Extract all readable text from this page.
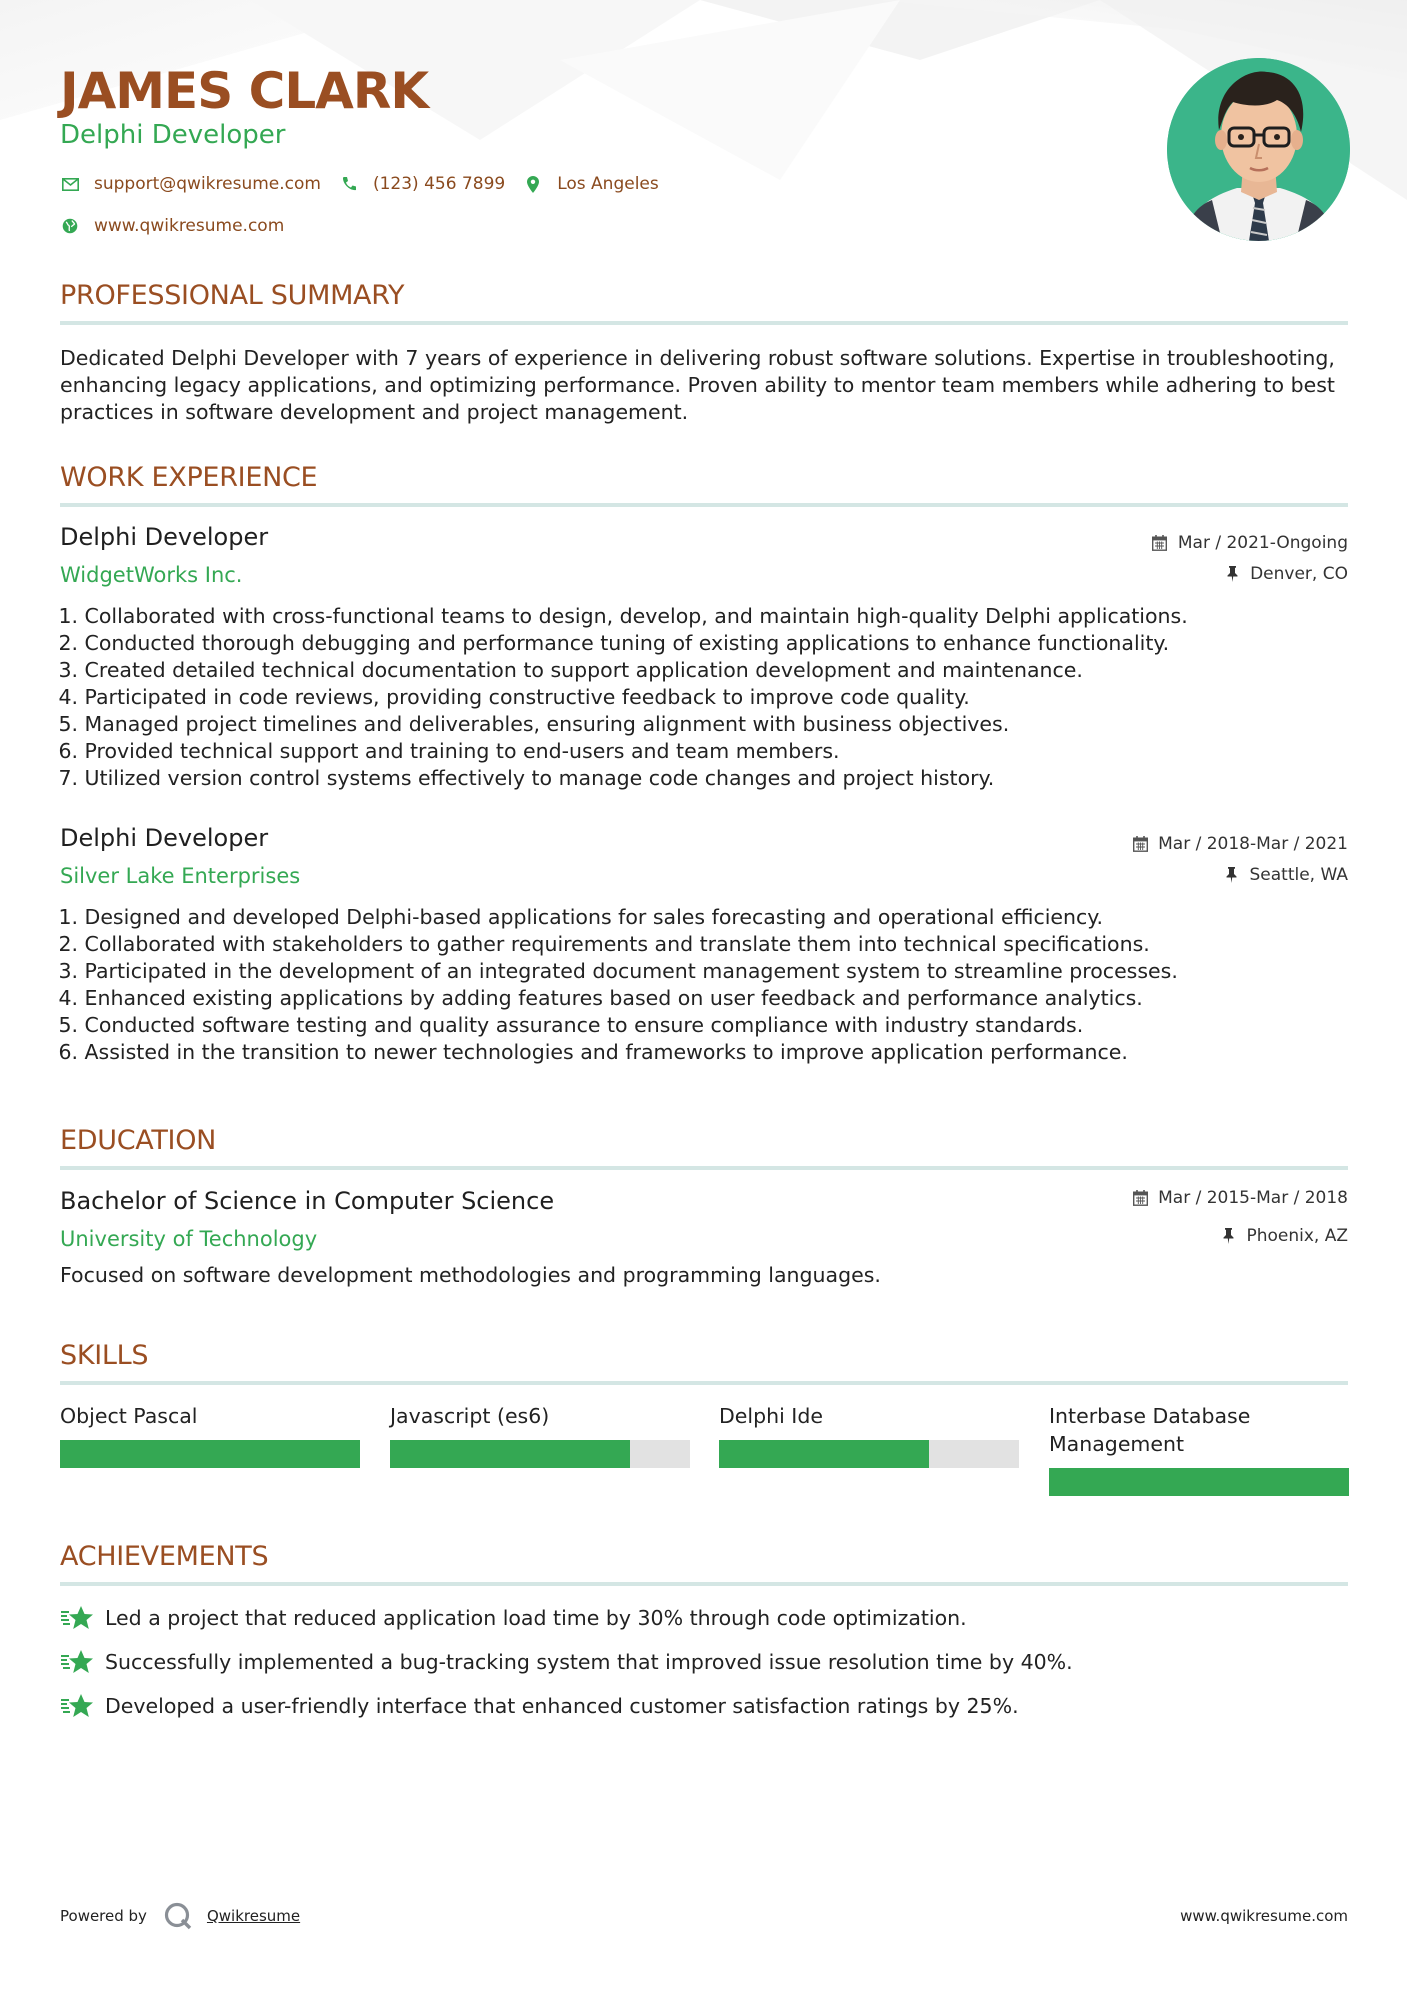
JAMES CLARK
Delphi Developer
support@qwikresume.com	(123) 456 7899	Los Angeles
www.qwikresume.com
PROFESSIONAL SUMMARY
Dedicated Delphi Developer with 7 years of experience in delivering robust software solutions. Expertise in troubleshooting, enhancing legacy applications, and optimizing performance. Proven ability to mentor team members while adhering to best practices in software development and project management.
WORK EXPERIENCE
Delphi Developer
WidgetWorks Inc.
Mar / 2021-Ongoing
Denver, CO
1. Collaborated with cross-functional teams to design, develop, and maintain high-quality Delphi applications.
2. Conducted thorough debugging and performance tuning of existing applications to enhance functionality.
3. Created detailed technical documentation to support application development and maintenance.
4. Participated in code reviews, providing constructive feedback to improve code quality.
5. Managed project timelines and deliverables, ensuring alignment with business objectives.
6. Provided technical support and training to end-users and team members.
7. Utilized version control systems effectively to manage code changes and project history.
Delphi Developer
Silver Lake Enterprises
Mar / 2018-Mar / 2021
Seattle, WA
1. Designed and developed Delphi-based applications for sales forecasting and operational efficiency.
2. Collaborated with stakeholders to gather requirements and translate them into technical specifications.
3. Participated in the development of an integrated document management system to streamline processes.
4. Enhanced existing applications by adding features based on user feedback and performance analytics.
5. Conducted software testing and quality assurance to ensure compliance with industry standards.
6. Assisted in the transition to newer technologies and frameworks to improve application performance.
EDUCATION
Bachelor of Science in Computer Science
University of Technology
Mar / 2015-Mar / 2018
Phoenix, AZ
Focused on software development methodologies and programming languages.
SKILLS
Object Pascal	Javascript (es6)	Delphi Ide	Interbase Database Management
ACHIEVEMENTS
Led a project that reduced application load time by 30% through code optimization.
Successfully implemented a bug-tracking system that improved issue resolution time by 40%.
Developed a user-friendly interface that enhanced customer satisfaction ratings by 25%.
Powered by	Qwikresume	www.qwikresume.com
